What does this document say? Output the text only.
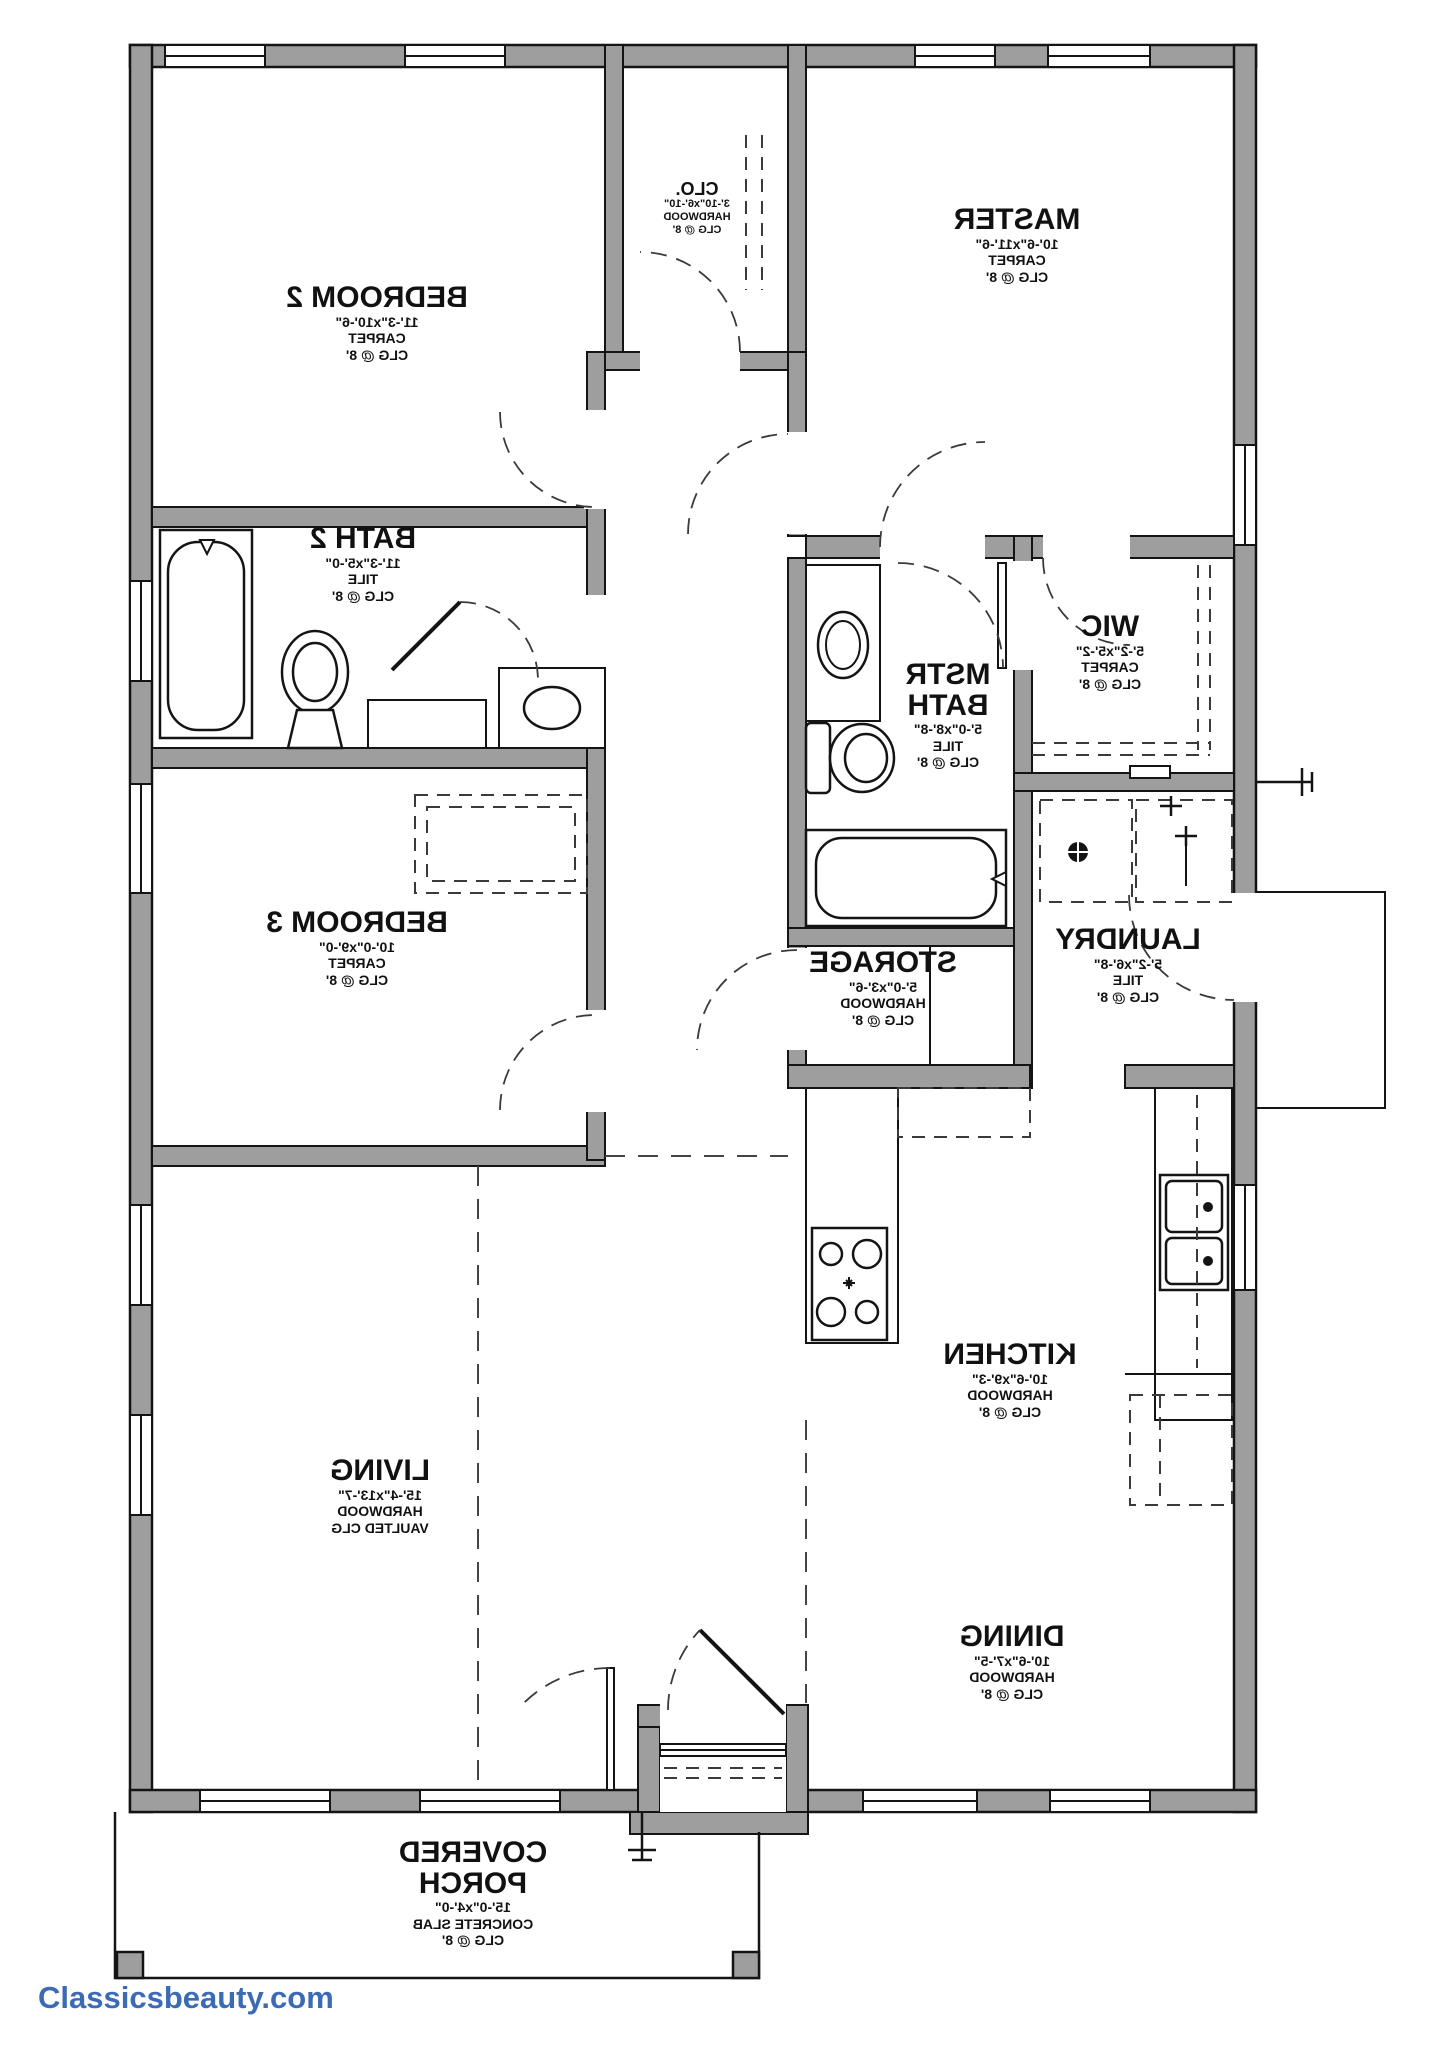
BEDROOM 2
11'-3"x10'-6"
CARPET
CLG @ 8'
CLO.
3'-10"x6'-10"
HARDWOOD
CLG @ 8'	MASTER
10'-6"x11'-6"
CARPET
CLG @ 8'
BATH 2
11'-3"x5'-0"
TILE
CLG @ 8'
MSTR BATH
5'-0"x8'-8"
TILE
CLG @ 8'
WIC
5'-2"x5'-2"
CARPET
CLG @ 8'
BEDROOM 3
10'-0"x9'-0"
CARPET
CLG @ 8'
STORAGE
5'-0"x3'-6"
HARDWOOD
CLG @ 8'
LAUNDRY
5'-2"x6'-8"
TILE
CLG @ 8'
KITCHEN
10'-6"x9'-3"
HARDWOOD
CLG @ 8'
LIVING
15'-4"x13'-7"
HARDWOOD
VAULTED CLG
DINING
10'-6"x7'-5"
HARDWOOD
CLG @ 8'
COVERED PORCH
15'-0"x4'-0"
CONCRETE SLAB
CLG @ 8'
Classicsbeauty.com
